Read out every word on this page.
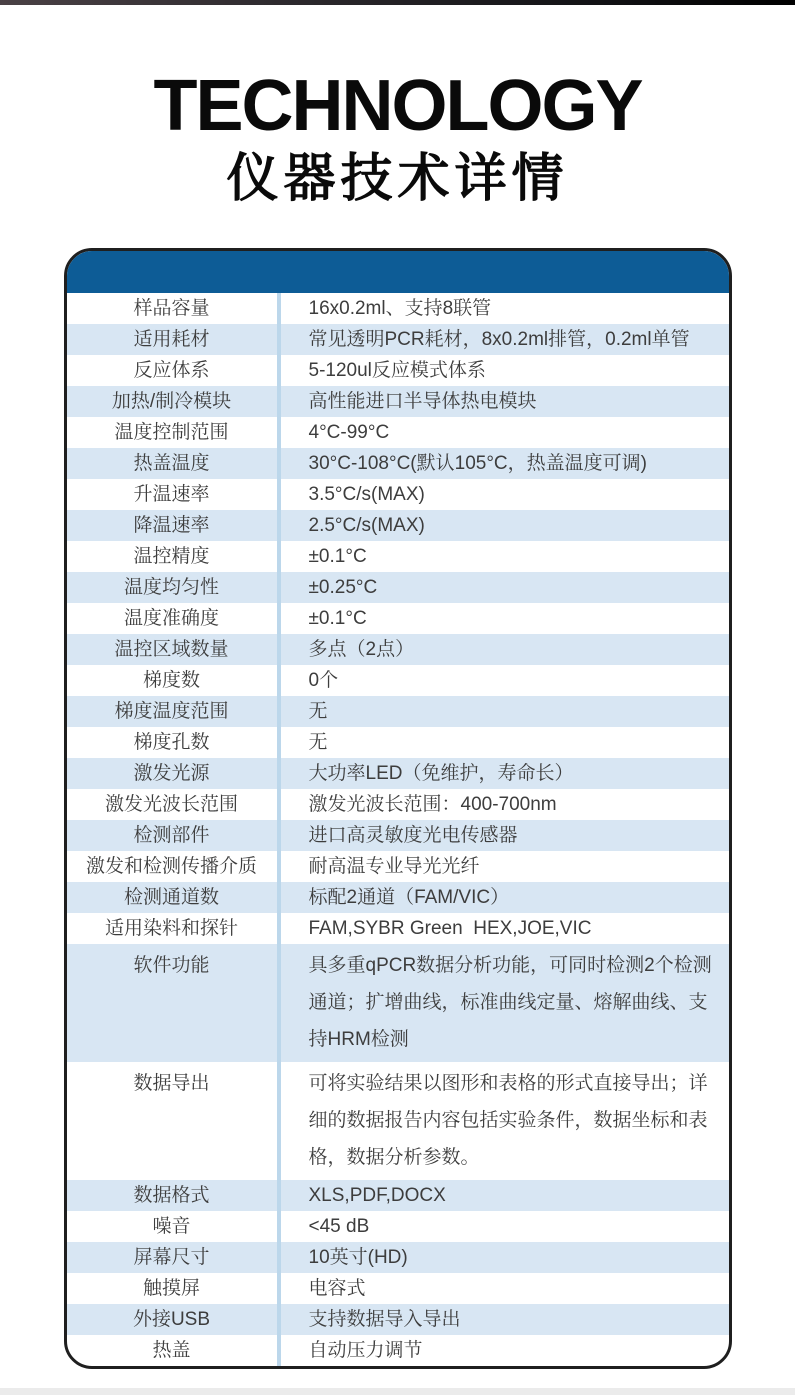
TECHNOLOGY
仪器技术详情
样品容量	16x0.2ml、支持8联管
适用耗材	常见透明PCR耗材，8x0.2ml排管，0.2ml单管
反应体系	5-120ul反应模式体系
加热/制冷模块	高性能进口半导体热电模块
温度控制范围	4°C-99°C
热盖温度	30°C-108°C(默认105°C，热盖温度可调)
升温速率	3.5°C/s(MAX)
降温速率	2.5°C/s(MAX)
温控精度	±0.1°C
温度均匀性	±0.25°C
温度准确度	±0.1°C
温控区域数量	多点（2点）
梯度数	0个
梯度温度范围	无
梯度孔数	无
激发光源	大功率LED（免维护，寿命长）
激发光波长范围	激发光波长范围：400-700nm
检测部件	进口高灵敏度光电传感器
激发和检测传播介质	耐高温专业导光光纤
检测通道数	标配2通道（FAM/VIC）
适用染料和探针	FAM,SYBR Green  HEX,JOE,VIC
软件功能	具多重qPCR数据分析功能，可同时检测2个检测通道；扩增曲线，标准曲线定量、熔解曲线、支持HRM检测
数据导出	可将实验结果以图形和表格的形式直接导出；详细的数据报告内容包括实验条件，数据坐标和表格，数据分析参数。
数据格式	XLS,PDF,DOCX
噪音	<45 dB
屏幕尺寸	10英寸(HD)
触摸屏	电容式
外接USB	支持数据导入导出
热盖	自动压力调节
